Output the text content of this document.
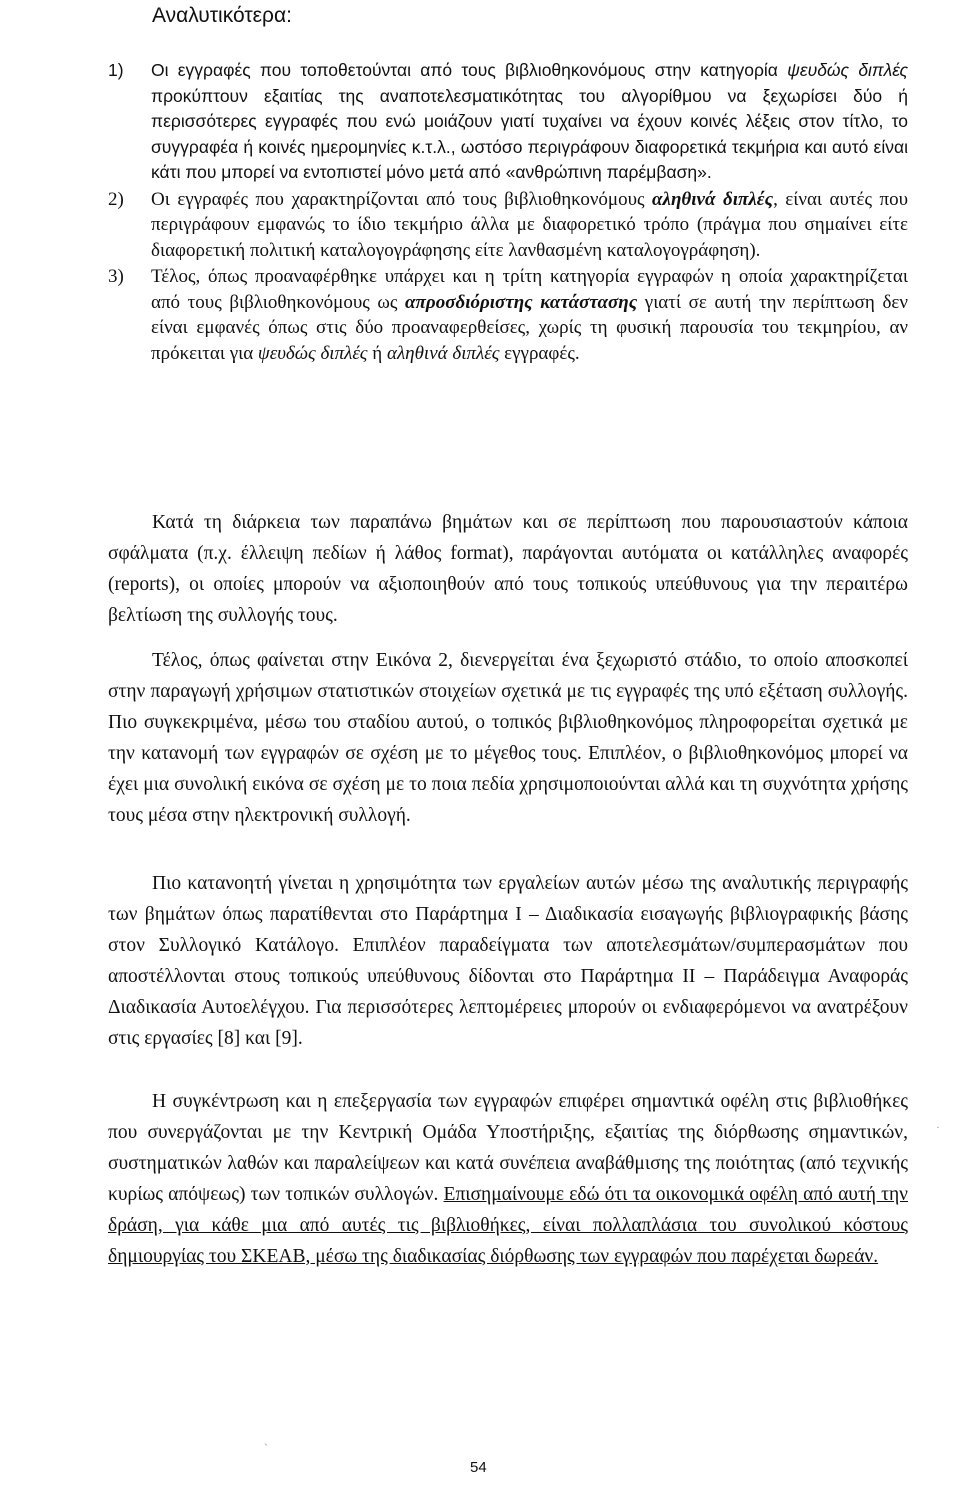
Αναλυτικότερα:
1) Οι εγγραφές που τοποθετούνται από τους βιβλιοθηκονόμους στην κατηγορία ψευδώς διπλές προκύπτουν εξαιτίας της αναποτελεσματικότητας του αλγορίθμου να ξεχωρίσει δύο ή περισσότερες εγγραφές που ενώ μοιάζουν γιατί τυχαίνει να έχουν κοινές λέξεις στον τίτλο, το συγγραφέα ή κοινές ημερομηνίες κ.τ.λ., ωστόσο περιγράφουν διαφορετικά τεκμήρια και αυτό είναι κάτι που μπορεί να εντοπιστεί μόνο μετά από «ανθρώπινη παρέμβαση».
2) Οι εγγραφές που χαρακτηρίζονται από τους βιβλιοθηκονόμους αληθινά διπλές, είναι αυτές που περιγράφουν εμφανώς το ίδιο τεκμήριο άλλα με διαφορετικό τρόπο (πράγμα που σημαίνει είτε διαφορετική πολιτική καταλογογράφησης είτε λανθασμένη καταλογογράφηση).
3) Τέλος, όπως προαναφέρθηκε υπάρχει και η τρίτη κατηγορία εγγραφών η οποία χαρακτηρίζεται από τους βιβλιοθηκονόμους ως απροσδιόριστης κατάστασης γιατί σε αυτή την περίπτωση δεν είναι εμφανές όπως στις δύο προαναφερθείσες, χωρίς τη φυσική παρουσία του τεκμηρίου, αν πρόκειται για ψευδώς διπλές ή αληθινά διπλές εγγραφές.

Κατά τη διάρκεια των παραπάνω βημάτων και σε περίπτωση που παρουσιαστούν κάποια σφάλματα (π.χ. έλλειψη πεδίων ή λάθος format), παράγονται αυτόματα οι κατάλληλες αναφορές (reports), οι οποίες μπορούν να αξιοποιηθούν από τους τοπικούς υπεύθυνους για την περαιτέρω βελτίωση της συλλογής τους.

Τέλος, όπως φαίνεται στην Εικόνα 2, διενεργείται ένα ξεχωριστό στάδιο, το οποίο αποσκοπεί στην παραγωγή χρήσιμων στατιστικών στοιχείων σχετικά με τις εγγραφές της υπό εξέταση συλλογής. Πιο συγκεκριμένα, μέσω του σταδίου αυτού, ο τοπικός βιβλιοθηκονόμος πληροφορείται σχετικά με την κατανομή των εγγραφών σε σχέση με το μέγεθος τους. Επιπλέον, ο βιβλιοθηκονόμος μπορεί να έχει μια συνολική εικόνα σε σχέση με το ποια πεδία χρησιμοποιούνται αλλά και τη συχνότητα χρήσης τους μέσα στην ηλεκτρονική συλλογή.

Πιο κατανοητή γίνεται η χρησιμότητα των εργαλείων αυτών μέσω της αναλυτικής περιγραφής των βημάτων όπως παρατίθενται στο Παράρτημα Ι – Διαδικασία εισαγωγής βιβλιογραφικής βάσης στον Συλλογικό Κατάλογο. Επιπλέον παραδείγματα των αποτελεσμάτων/συμπερασμάτων που αποστέλλονται στους τοπικούς υπεύθυνους δίδονται στο Παράρτημα ΙΙ – Παράδειγμα Αναφοράς Διαδικασία Αυτοελέγχου. Για περισσότερες λεπτομέρειες μπορούν οι ενδιαφερόμενοι να ανατρέξουν στις εργασίες [8] και [9].

Η συγκέντρωση και η επεξεργασία των εγγραφών επιφέρει σημαντικά οφέλη στις βιβλιοθήκες που συνεργάζονται με την Κεντρική Ομάδα Υποστήριξης, εξαιτίας της διόρθωσης σημαντικών, συστηματικών λαθών και παραλείψεων και κατά συνέπεια αναβάθμισης της ποιότητας (από τεχνικής κυρίως απόψεως) των τοπικών συλλογών. Επισημαίνουμε εδώ ότι τα οικονομικά οφέλη από αυτή την δράση, για κάθε μια από αυτές τις βιβλιοθήκες, είναι πολλαπλάσια του συνολικού κόστους δημιουργίας του ΣΚΕΑΒ, μέσω της διαδικασίας διόρθωσης των εγγραφών που παρέχεται δωρεάν.

·
ˏ
54
